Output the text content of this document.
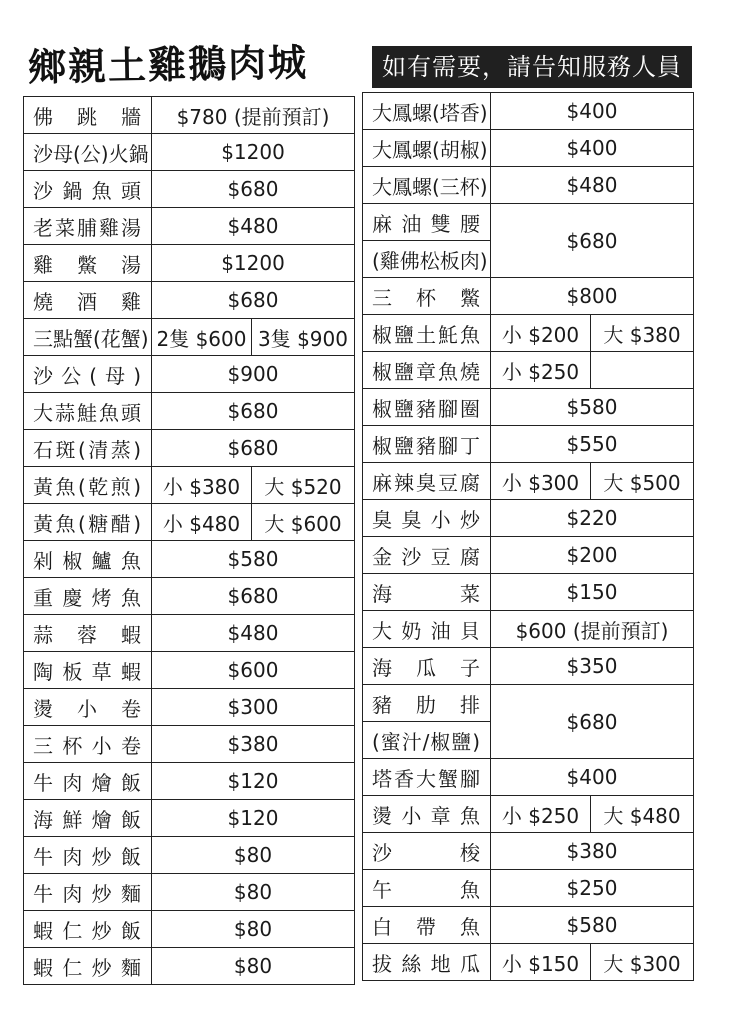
鄉親土雞鵝肉城	如有需要，請告知服務人員
佛跳牆	$780 (提前預訂)	
沙母(公)火鍋	$1200	
沙鍋魚頭	$680	
老菜脯雞湯	$480	
雞鱉湯	$1200	
燒酒雞	$680	
三點蟹(花蟹)	2隻 $600	3隻 $900
沙公(母)	$900	
大蒜鮭魚頭	$680	
石斑(清蒸)	$680	
黃魚(乾煎)	小 $380	大 $520
黃魚(糖醋)	小 $480	大 $600
剁椒鱸魚	$580	
重慶烤魚	$680	
蒜蓉蝦	$480	
陶板草蝦	$600	
燙小卷	$300	
三杯小卷	$380	
牛肉燴飯	$120	
海鮮燴飯	$120	
牛肉炒飯	$80	
牛肉炒麵	$80	
蝦仁炒飯	$80	
蝦仁炒麵	$80	
大鳳螺(塔香)	$400	
大鳳螺(胡椒)	$400	
大鳳螺(三杯)	$480	
麻油雙腰	$680	
(雞佛松板肉)		
三杯鱉	$800	
椒鹽土魠魚	小 $200	大 $380
椒鹽章魚燒	小 $250	
椒鹽豬腳圈	$580	
椒鹽豬腳丁	$550	
麻辣臭豆腐	小 $300	大 $500
臭臭小炒	$220	
金沙豆腐	$200	
海菜	$150	
大奶油貝	$600 (提前預訂)	
海瓜子	$350	
豬肋排	$680	
(蜜汁/椒鹽)		
塔香大蟹腳	$400	
燙小章魚	小 $250	大 $480
沙梭	$380	
午魚	$250	
白帶魚	$580	
拔絲地瓜	小 $150	大 $300
